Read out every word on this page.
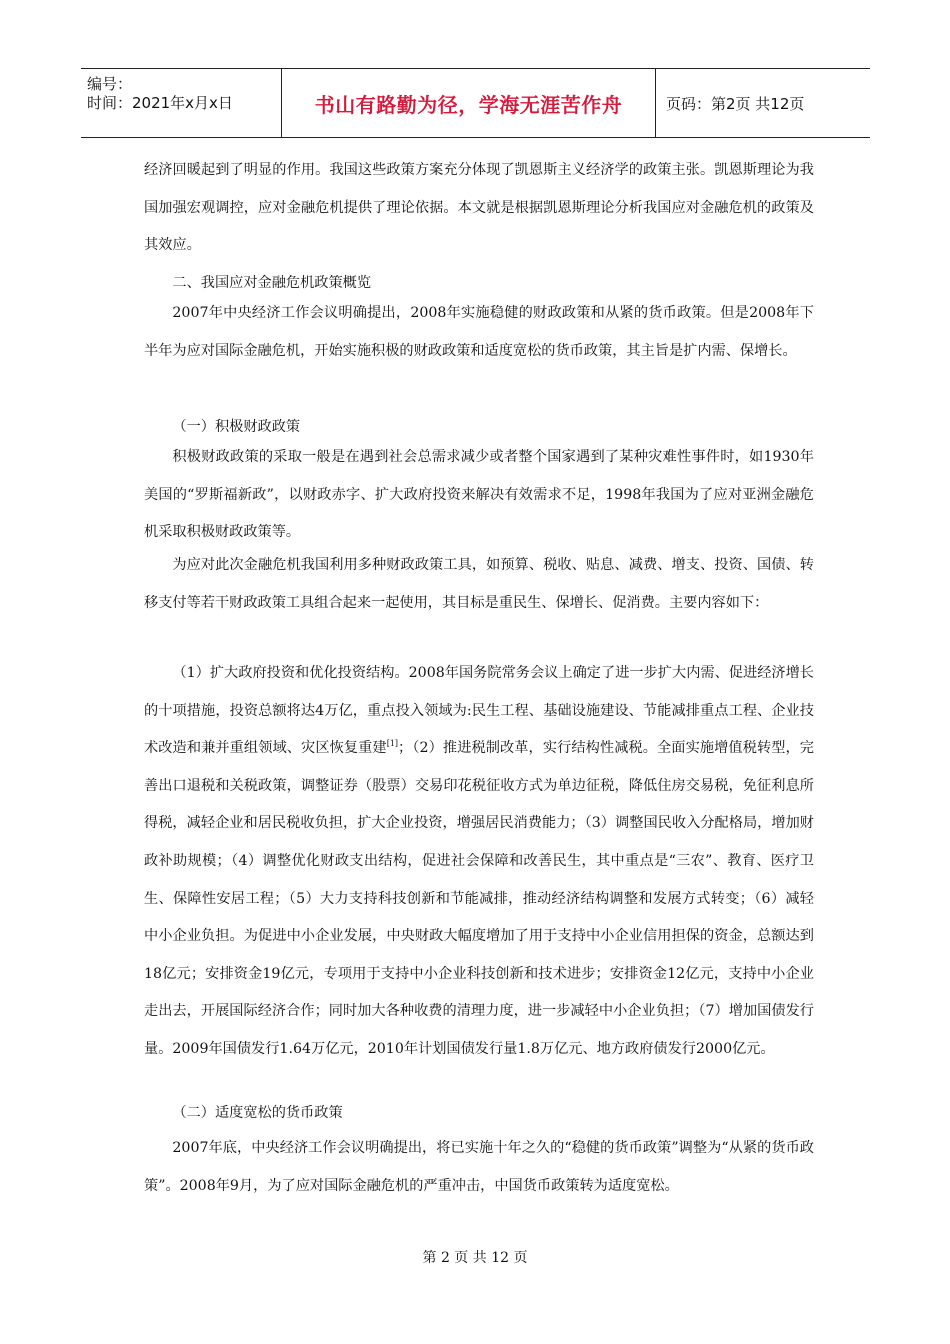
编号：
时间：2021年x月x日	书山有路勤为径，学海无涯苦作舟	页码：第2页 共12页

经济回暖起到了明显的作用。我国这些政策方案充分体现了凯恩斯主义经济学的政策主张。凯恩斯理论为我国加强宏观调控，应对金融危机提供了理论依据。本文就是根据凯恩斯理论分析我国应对金融危机的政策及其效应。

二、我国应对金融危机政策概览

2007年中央经济工作会议明确提出，2008年实施稳健的财政政策和从紧的货币政策。但是2008年下半年为应对国际金融危机，开始实施积极的财政政策和适度宽松的货币政策，其主旨是扩内需、保增长。

（一）积极财政政策

积极财政政策的采取一般是在遇到社会总需求减少或者整个国家遇到了某种灾难性事件时，如1930年美国的“罗斯福新政”，以财政赤字、扩大政府投资来解决有效需求不足，1998年我国为了应对亚洲金融危机采取积极财政政策等。

为应对此次金融危机我国利用多种财政政策工具，如预算、税收、贴息、减费、增支、投资、国债、转移支付等若干财政政策工具组合起来一起使用，其目标是重民生、保增长、促消费。主要内容如下：

（1）扩大政府投资和优化投资结构。2008年国务院常务会议上确定了进一步扩大内需、促进经济增长的十项措施，投资总额将达4万亿，重点投入领域为:民生工程、基础设施建设、节能减排重点工程、企业技术改造和兼并重组领域、灾区恢复重建[1]；（2）推进税制改革，实行结构性减税。全面实施增值税转型，完善出口退税和关税政策，调整证券（股票）交易印花税征收方式为单边征税，降低住房交易税，免征利息所得税，减轻企业和居民税收负担，扩大企业投资，增强居民消费能力；（3）调整国民收入分配格局，增加财政补助规模；（4）调整优化财政支出结构，促进社会保障和改善民生，其中重点是“三农”、教育、医疗卫生、保障性安居工程；（5）大力支持科技创新和节能减排，推动经济结构调整和发展方式转变；（6）减轻中小企业负担。为促进中小企业发展，中央财政大幅度增加了用于支持中小企业信用担保的资金，总额达到18亿元；安排资金19亿元，专项用于支持中小企业科技创新和技术进步；安排资金12亿元，支持中小企业走出去，开展国际经济合作；同时加大各种收费的清理力度，进一步减轻中小企业负担；（7）增加国债发行量。2009年国债发行1.64万亿元，2010年计划国债发行量1.8万亿元、地方政府债发行2000亿元。

（二）适度宽松的货币政策

2007年底，中央经济工作会议明确提出，将已实施十年之久的“稳健的货币政策”调整为“从紧的货币政策”。2008年9月，为了应对国际金融危机的严重冲击，中国货币政策转为适度宽松。

第 2 页 共 12 页
